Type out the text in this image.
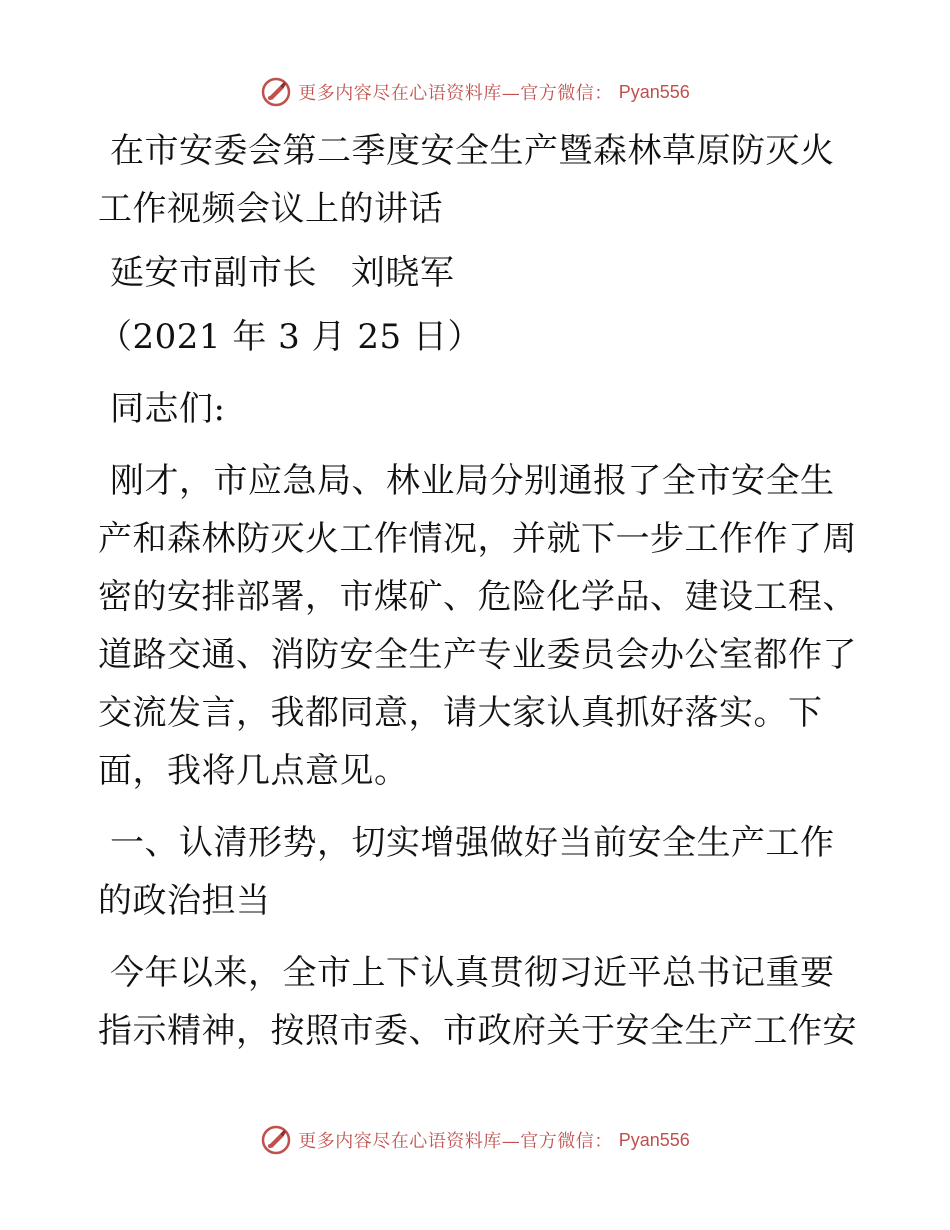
更多内容尽在心语资料库—官方微信： Pyan556

在市安委会第二季度安全生产暨森林草原防灭火

工作视频会议上的讲话

延安市副市长   刘晓军

（2021 年 3 月 25 日）

同志们:

刚才，市应急局、林业局分别通报了全市安全生

产和森林防灭火工作情况，并就下一步工作作了周

密的安排部署，市煤矿、危险化学品、建设工程、

道路交通、消防安全生产专业委员会办公室都作了

交流发言，我都同意，请大家认真抓好落实。下

面，我将几点意见。

一、认清形势，切实增强做好当前安全生产工作

的政治担当

今年以来，全市上下认真贯彻习近平总书记重要

指示精神，按照市委、市政府关于安全生产工作安

更多内容尽在心语资料库—官方微信： Pyan556
